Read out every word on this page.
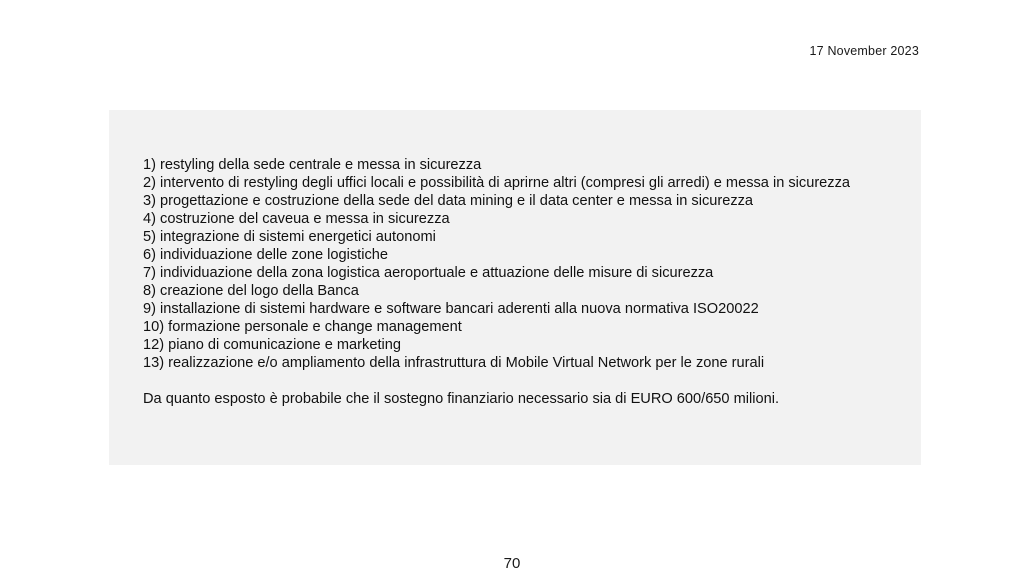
17 November 2023
1) restyling della sede centrale e messa in sicurezza
2) intervento di restyling degli uffici locali e possibilità di aprirne altri (compresi gli arredi) e messa in sicurezza
3) progettazione e costruzione della sede del data mining e il data center e messa in sicurezza
4) costruzione del caveua e messa in sicurezza
5) integrazione di sistemi energetici autonomi
6) individuazione delle zone logistiche
7) individuazione della zona logistica aeroportuale e attuazione delle misure di sicurezza
8) creazione del logo della Banca
9) installazione di sistemi hardware e software bancari aderenti alla nuova normativa ISO20022
10) formazione personale e change management
12) piano di comunicazione e marketing
13) realizzazione e/o ampliamento della infrastruttura di Mobile Virtual Network per le zone rurali

Da quanto esposto è probabile che il sostegno finanziario necessario sia di EURO 600/650 milioni.

70
